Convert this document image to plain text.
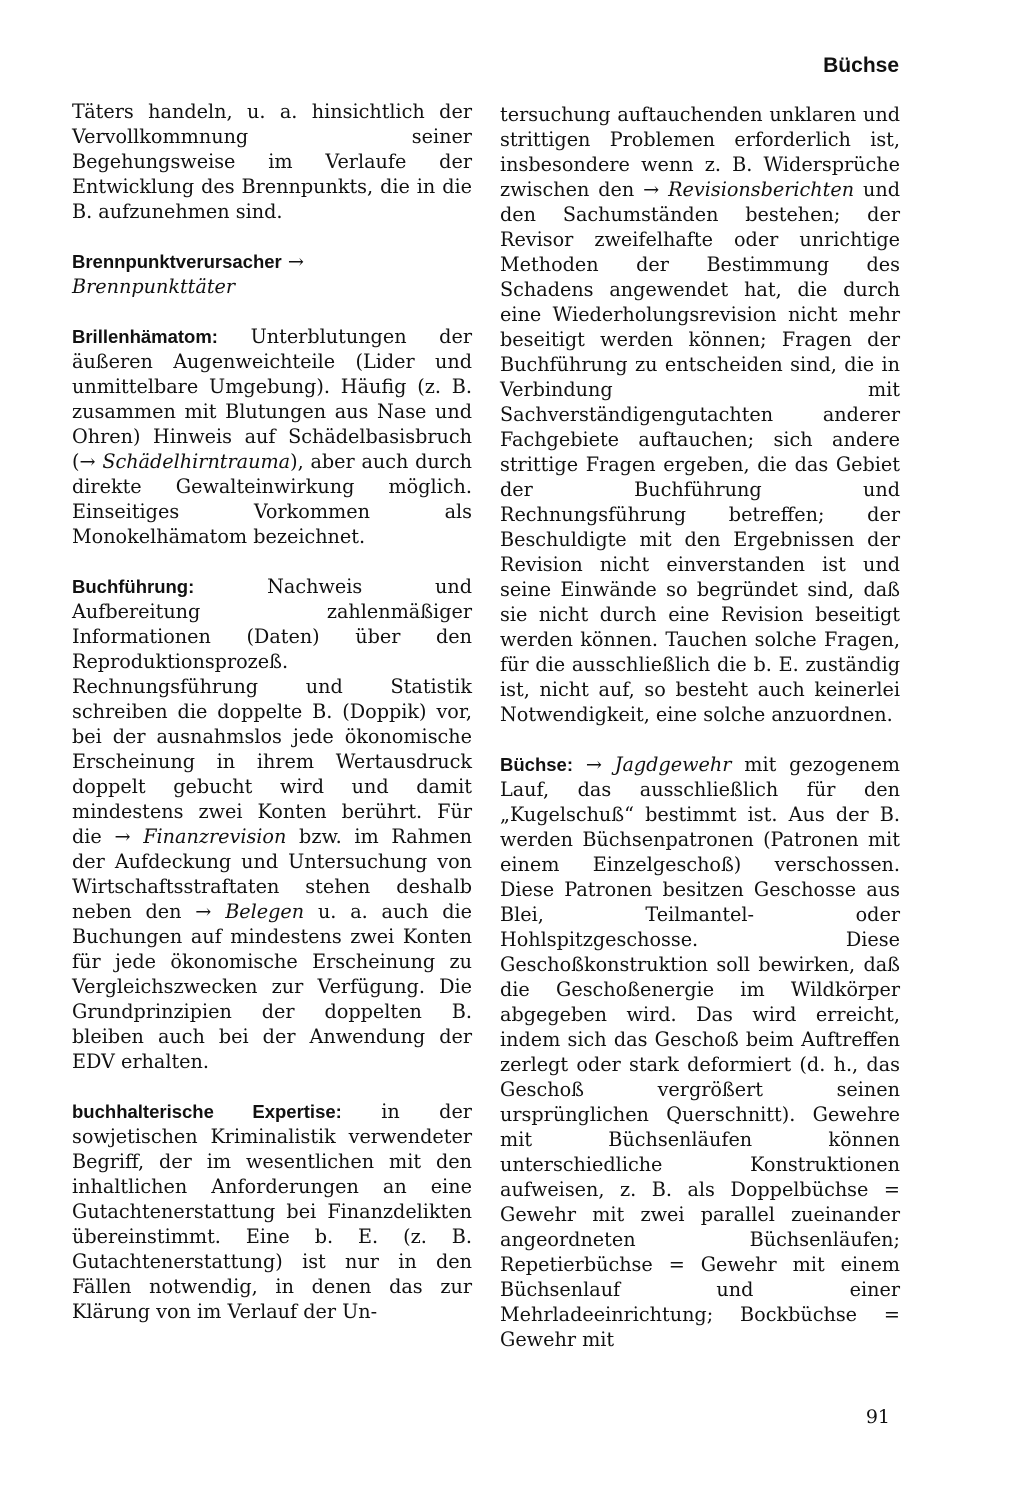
Büchse

Täters handeln, u. a. hinsichtlich der Vervollkommnung seiner Begehungsweise im Verlaufe der Entwicklung des Brennpunkts, die in die B. aufzunehmen sind.

Brennpunktverursacher → Brennpunkttäter

Brillenhämatom: Unterblutungen der äußeren Augenweichteile (Lider und unmittelbare Umgebung). Häufig (z. B. zusammen mit Blutungen aus Nase und Ohren) Hinweis auf Schädelbasisbruch (→ Schädelhirntrauma), aber auch durch direkte Gewalteinwirkung möglich. Einseitiges Vorkommen als Monokelhämatom bezeichnet.

Buchführung: Nachweis und Aufbereitung zahlenmäßiger Informationen (Daten) über den Reproduktionsprozeß. Rechnungsführung und Statistik schreiben die doppelte B. (Doppik) vor, bei der ausnahmslos jede ökonomische Erscheinung in ihrem Wertausdruck doppelt gebucht wird und damit mindestens zwei Konten berührt. Für die → Finanzrevision bzw. im Rahmen der Aufdeckung und Untersuchung von Wirtschaftsstraftaten stehen deshalb neben den → Belegen u. a. auch die Buchungen auf mindestens zwei Konten für jede ökonomische Erscheinung zu Vergleichszwecken zur Verfügung. Die Grundprinzipien der doppelten B. bleiben auch bei der Anwendung der EDV erhalten.

buchhalterische Expertise: in der sowjetischen Kriminalistik verwendeter Begriff, der im wesentlichen mit den inhaltlichen Anforderungen an eine Gutachtenerstattung bei Finanzdelikten übereinstimmt. Eine b. E. (z. B. Gutachtenerstattung) ist nur in den Fällen notwendig, in denen das zur Klärung von im Verlauf der Un-

tersuchung auftauchenden unklaren und strittigen Problemen erforderlich ist, insbesondere wenn z. B. Widersprüche zwischen den → Revisionsberichten und den Sachumständen bestehen; der Revisor zweifelhafte oder unrichtige Methoden der Bestimmung des Schadens angewendet hat, die durch eine Wiederholungsrevision nicht mehr beseitigt werden können; Fragen der Buchführung zu entscheiden sind, die in Verbindung mit Sachverständigengutachten anderer Fachgebiete auftauchen; sich andere strittige Fragen ergeben, die das Gebiet der Buchführung und Rechnungsführung betreffen; der Beschuldigte mit den Ergebnissen der Revision nicht einverstanden ist und seine Einwände so begründet sind, daß sie nicht durch eine Revision beseitigt werden können. Tauchen solche Fragen, für die ausschließlich die b. E. zuständig ist, nicht auf, so besteht auch keinerlei Notwendigkeit, eine solche anzuordnen.

Büchse: → Jagdgewehr mit gezogenem Lauf, das ausschließlich für den „Kugelschuß“ bestimmt ist. Aus der B. werden Büchsenpatronen (Patronen mit einem Einzelgeschoß) verschossen. Diese Patronen besitzen Geschosse aus Blei, Teilmantel- oder Hohlspitzgeschosse. Diese Geschoßkonstruktion soll bewirken, daß die Geschoßenergie im Wildkörper abgegeben wird. Das wird erreicht, indem sich das Geschoß beim Auftreffen zerlegt oder stark deformiert (d. h., das Geschoß vergrößert seinen ursprünglichen Querschnitt). Gewehre mit Büchsenläufen können unterschiedliche Konstruktionen aufweisen, z. B. als Doppelbüchse = Gewehr mit zwei parallel zueinander angeordneten Büchsenläufen; Repetierbüchse = Gewehr mit einem Büchsenlauf und einer Mehrladeeinrichtung; Bockbüchse = Gewehr mit

91
